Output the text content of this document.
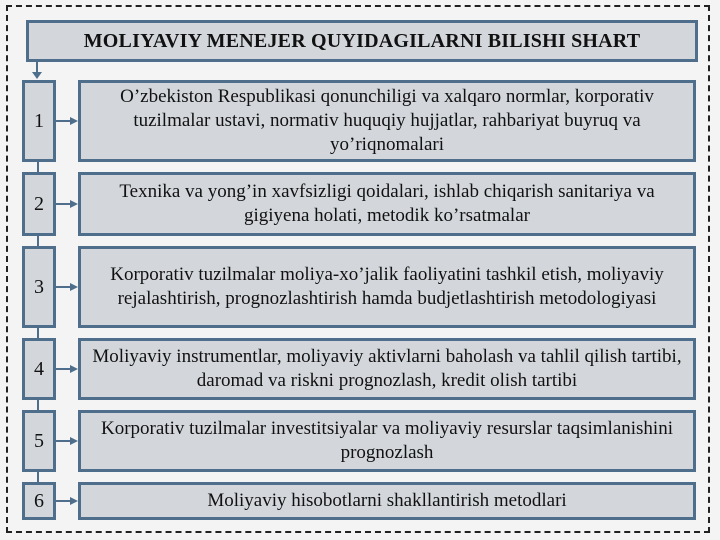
MOLIYAVIY MENEJER QUYIDAGILARNI BILISHI SHART
1
O’zbekiston Respublikasi qonunchiligi va xalqaro normlar, korporativ tuzilmalar ustavi, normativ huquqiy hujjatlar, rahbariyat buyruq va yo’riqnomalari
2
Texnika va yong’in xavfsizligi qoidalari, ishlab chiqarish sanitariya va gigiyena holati, metodik ko’rsatmalar
3
Korporativ tuzilmalar moliya-xo’jalik faoliyatini tashkil etish, moliyaviy rejalashtirish, prognozlashtirish hamda budjetlashtirish metodologiyasi
4
Moliyaviy instrumentlar, moliyaviy aktivlarni baholash va tahlil qilish tartibi, daromad va riskni prognozlash, kredit olish tartibi
5
Korporativ tuzilmalar investitsiyalar va moliyaviy resurslar taqsimlanishini prognozlash
6	Moliyaviy hisobotlarni shakllantirish metodlari
